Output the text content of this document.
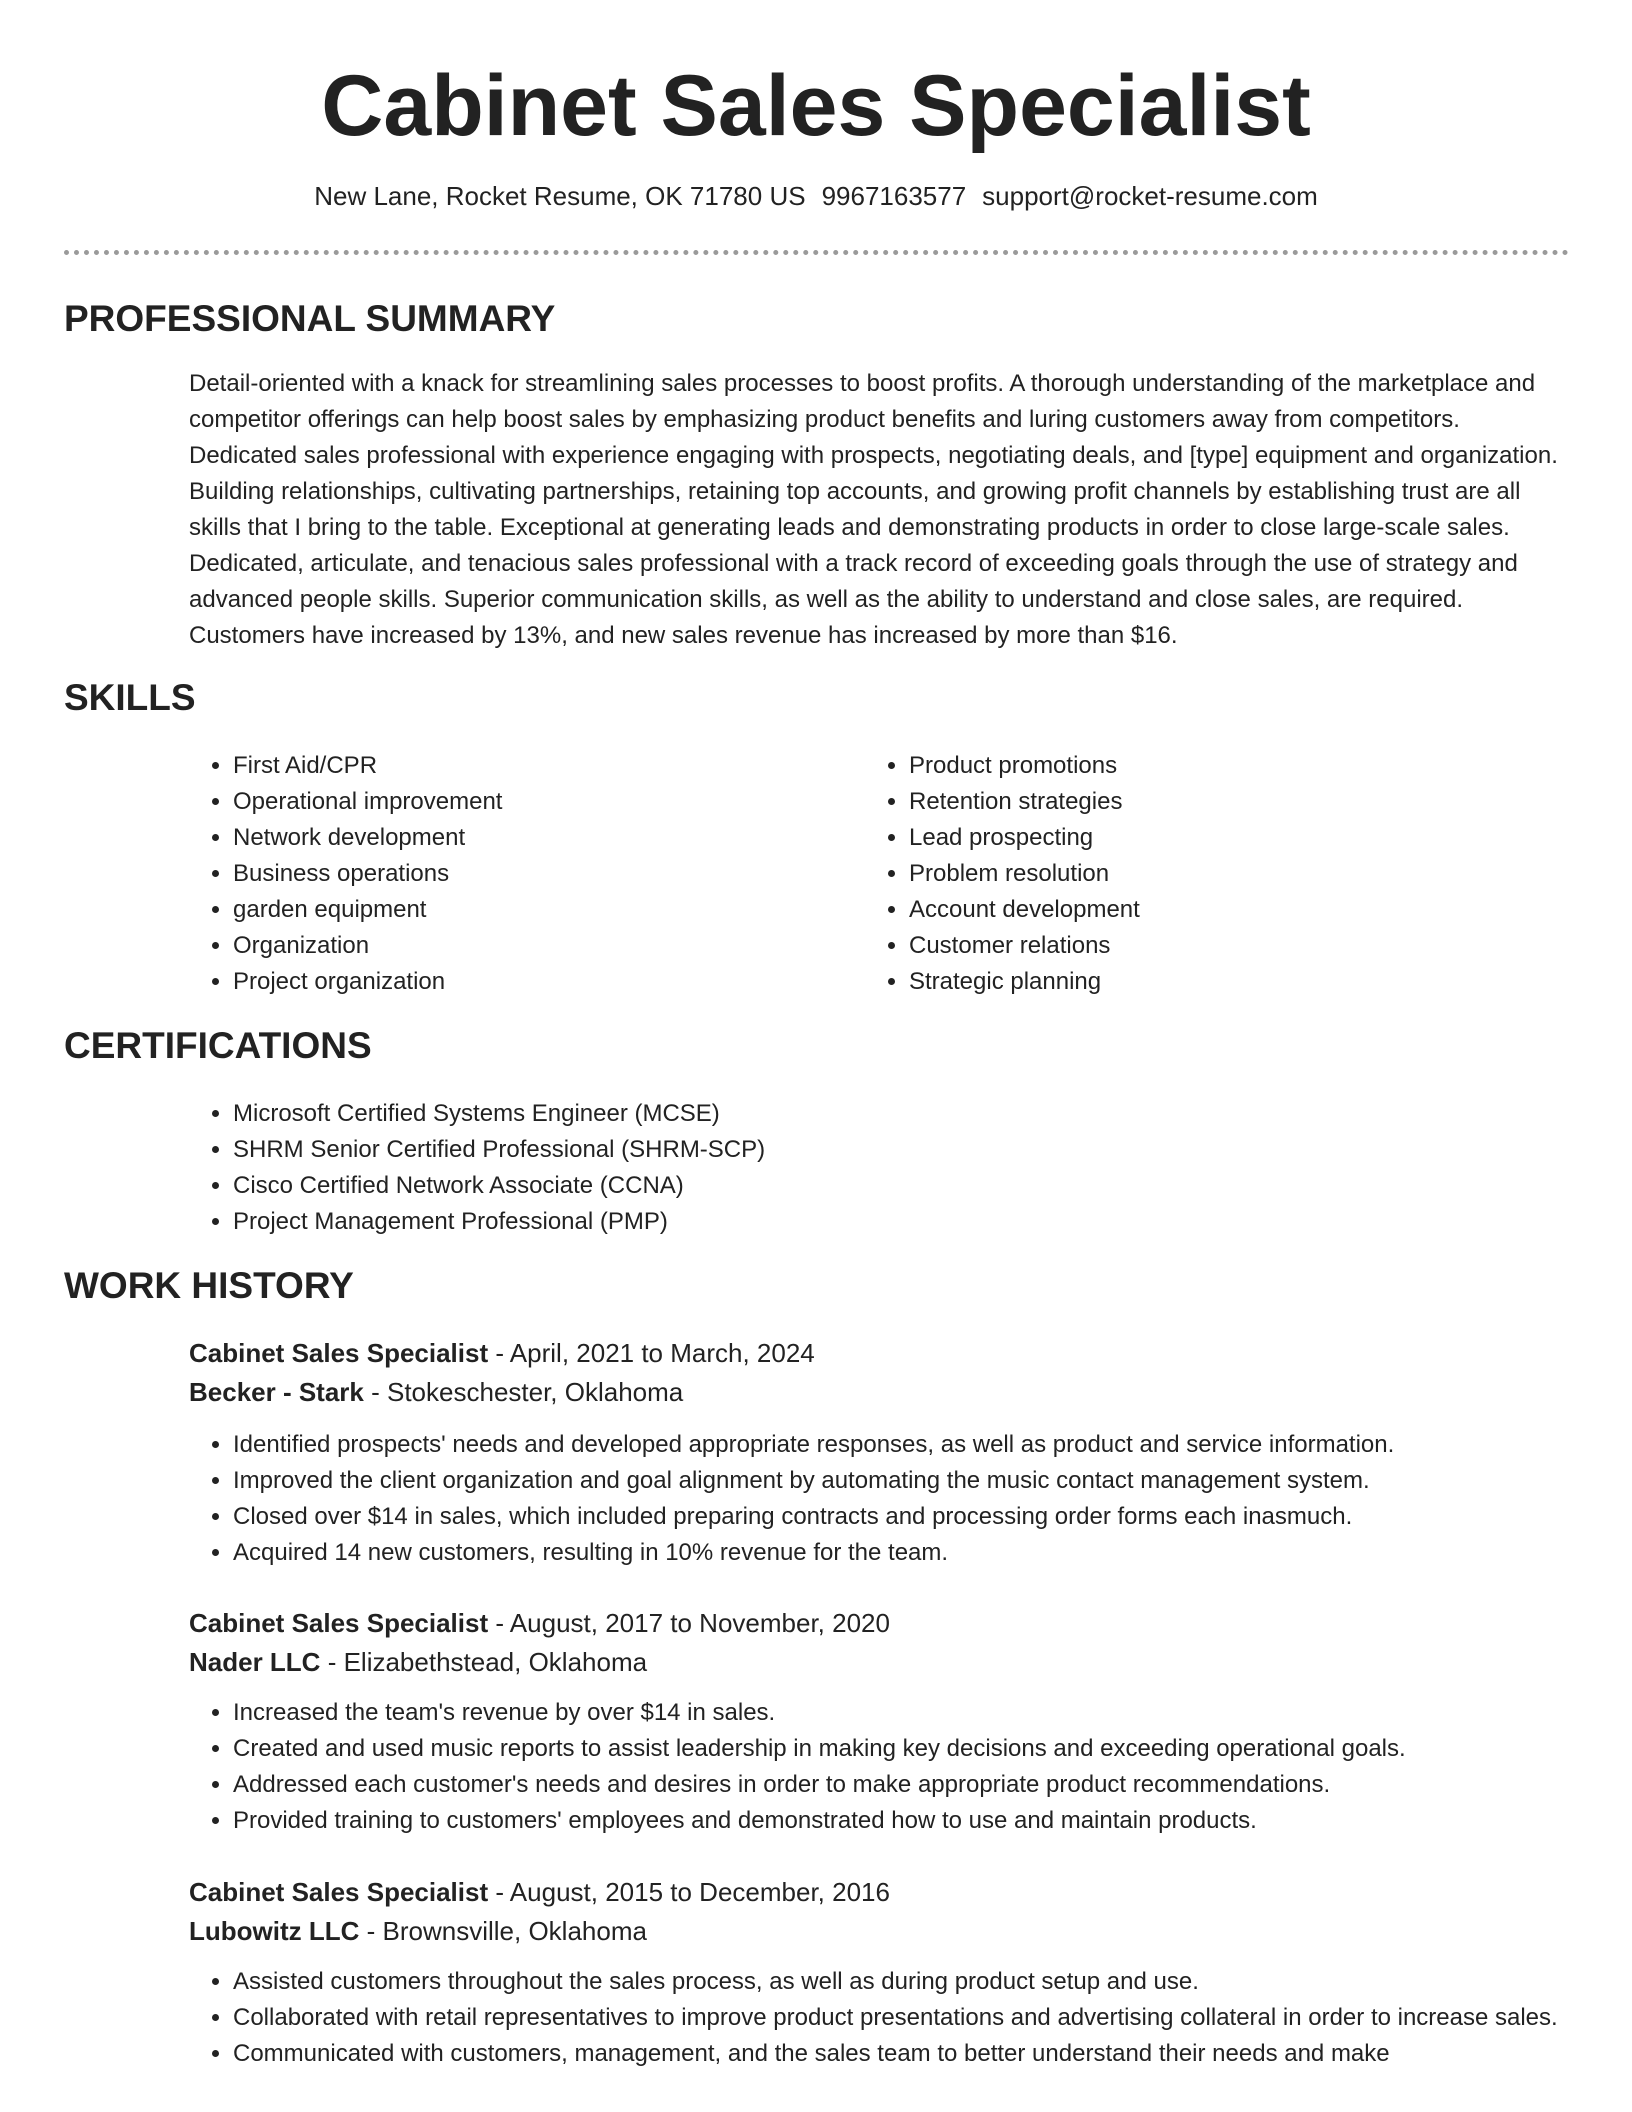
Cabinet Sales Specialist
New Lane, Rocket Resume, OK 71780 US 9967163577 support@rocket-resume.com
PROFESSIONAL SUMMARY

Detail-oriented with a knack for streamlining sales processes to boost profits. A thorough understanding of the marketplace and competitor offerings can help boost sales by emphasizing product benefits and luring customers away from competitors. Dedicated sales professional with experience engaging with prospects, negotiating deals, and [type] equipment and organization. Building relationships, cultivating partnerships, retaining top accounts, and growing profit channels by establishing trust are all skills that I bring to the table. Exceptional at generating leads and demonstrating products in order to close large-scale sales. Dedicated, articulate, and tenacious sales professional with a track record of exceeding goals through the use of strategy and advanced people skills. Superior communication skills, as well as the ability to understand and close sales, are required. Customers have increased by 13%, and new sales revenue has increased by more than $16.

SKILLS
• First Aid/CPR
• Operational improvement
• Network development
• Business operations
• garden equipment
• Organization
• Project organization
• Product promotions
• Retention strategies
• Lead prospecting
• Problem resolution
• Account development
• Customer relations
• Strategic planning
CERTIFICATIONS
• Microsoft Certified Systems Engineer (MCSE)
• SHRM Senior Certified Professional (SHRM-SCP)
• Cisco Certified Network Associate (CCNA)
• Project Management Professional (PMP)
WORK HISTORY
Cabinet Sales Specialist - April, 2021 to March, 2024
Becker - Stark - Stokeschester, Oklahoma
• Identified prospects' needs and developed appropriate responses, as well as product and service information.
• Improved the client organization and goal alignment by automating the music contact management system.
• Closed over $14 in sales, which included preparing contracts and processing order forms each inasmuch.
• Acquired 14 new customers, resulting in 10% revenue for the team.
Cabinet Sales Specialist - August, 2017 to November, 2020
Nader LLC - Elizabethstead, Oklahoma
• Increased the team's revenue by over $14 in sales.
• Created and used music reports to assist leadership in making key decisions and exceeding operational goals.
• Addressed each customer's needs and desires in order to make appropriate product recommendations.
• Provided training to customers' employees and demonstrated how to use and maintain products.
Cabinet Sales Specialist - August, 2015 to December, 2016
Lubowitz LLC - Brownsville, Oklahoma
• Assisted customers throughout the sales process, as well as during product setup and use.
• Collaborated with retail representatives to improve product presentations and advertising collateral in order to increase sales.
• Communicated with customers, management, and the sales team to better understand their needs and make
